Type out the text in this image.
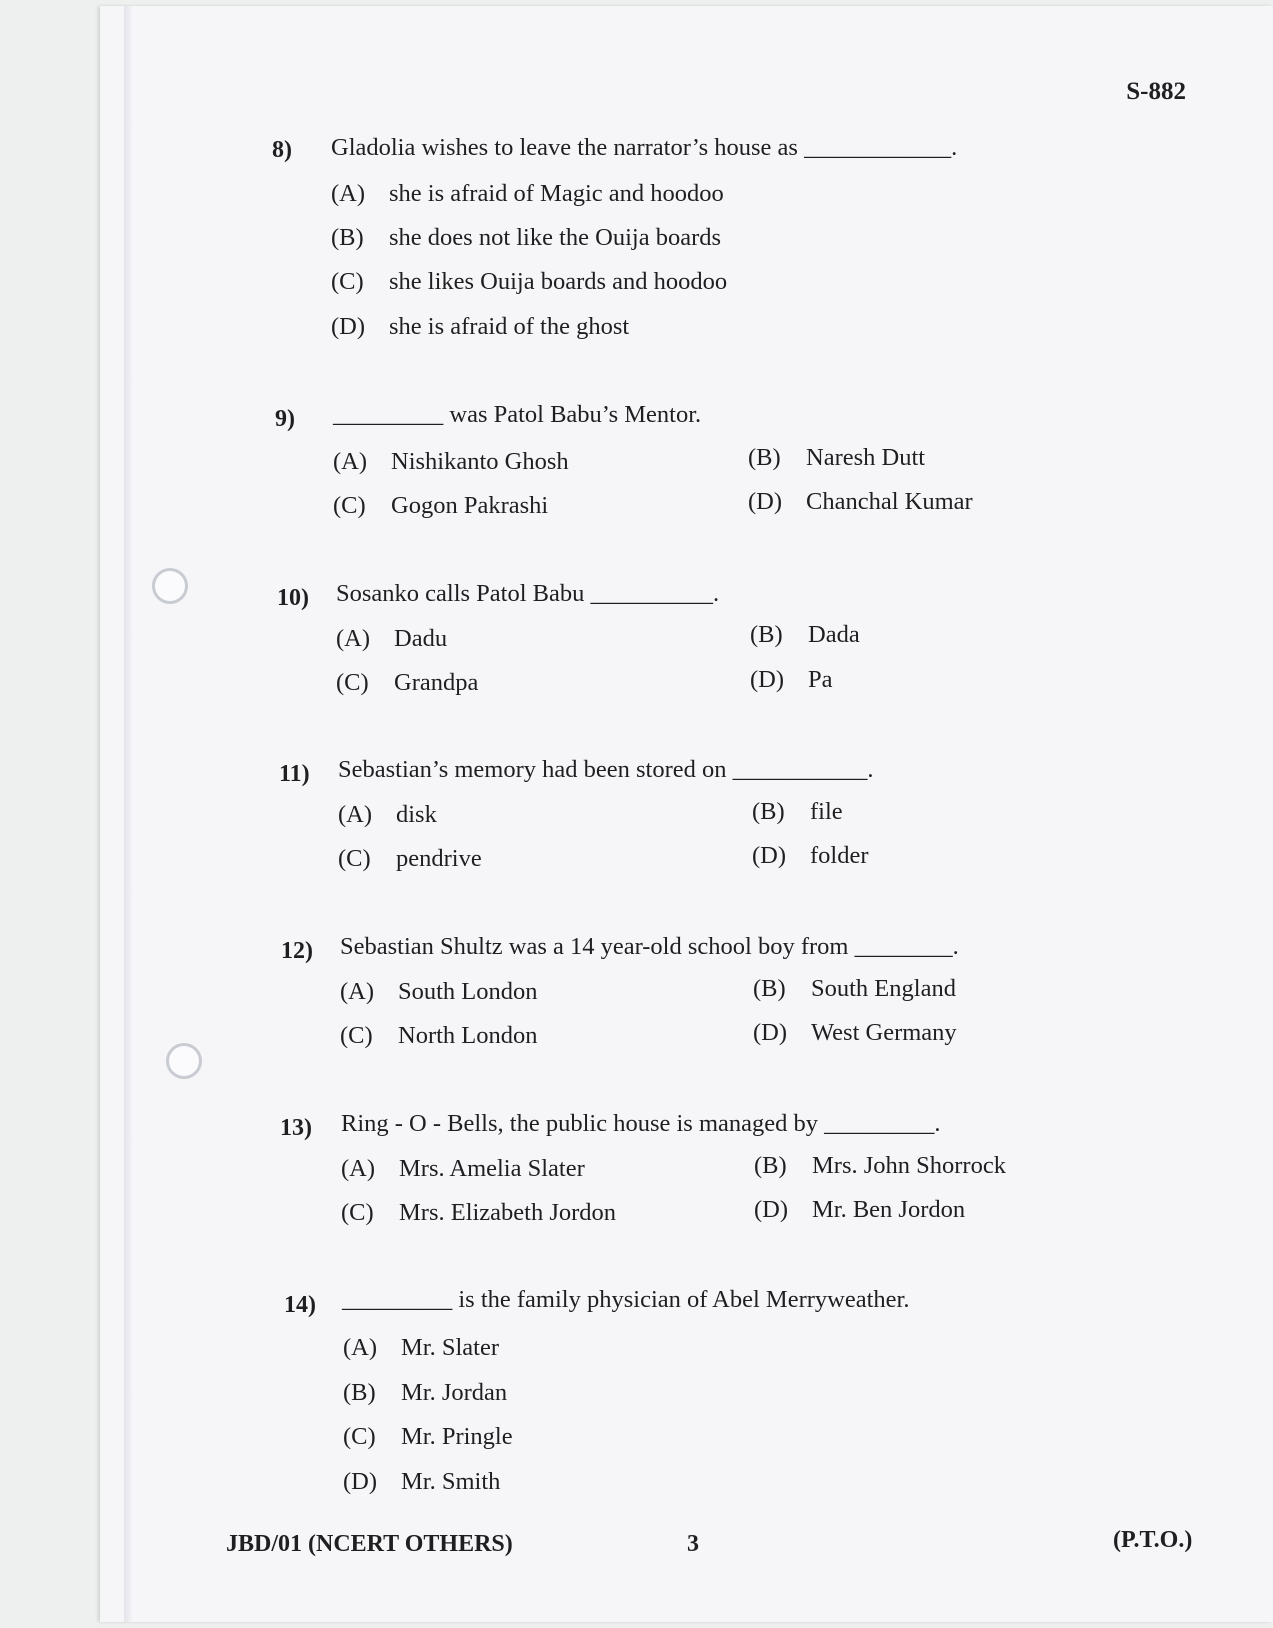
S-882
8) Gladolia wishes to leave the narrator’s house as ____________.
(A) she is afraid of Magic and hoodoo
(B) she does not like the Ouija boards
(C) she likes Ouija boards and hoodoo
(D) she is afraid of the ghost
9) _________ was Patol Babu’s Mentor.
(A) Nishikanto Ghosh	(B) Naresh Dutt
(C) Gogon Pakrashi	(D) Chanchal Kumar
10) Sosanko calls Patol Babu __________.
(A) Dadu	(B) Dada
(C) Grandpa	(D) Pa
11) Sebastian’s memory had been stored on ___________.
(A) disk	(B) file
(C) pendrive	(D) folder
12) Sebastian Shultz was a 14 year-old school boy from ________.
(A) South London	(B) South England
(C) North London	(D) West Germany
13) Ring - O - Bells, the public house is managed by _________.
(A) Mrs. Amelia Slater	(B) Mrs. John Shorrock
(C) Mrs. Elizabeth Jordon	(D) Mr. Ben Jordon
14) _________ is the family physician of Abel Merryweather.
(A) Mr. Slater
(B) Mr. Jordan
(C) Mr. Pringle
(D) Mr. Smith
JBD/01 (NCERT OTHERS)	3	(P.T.O.)
